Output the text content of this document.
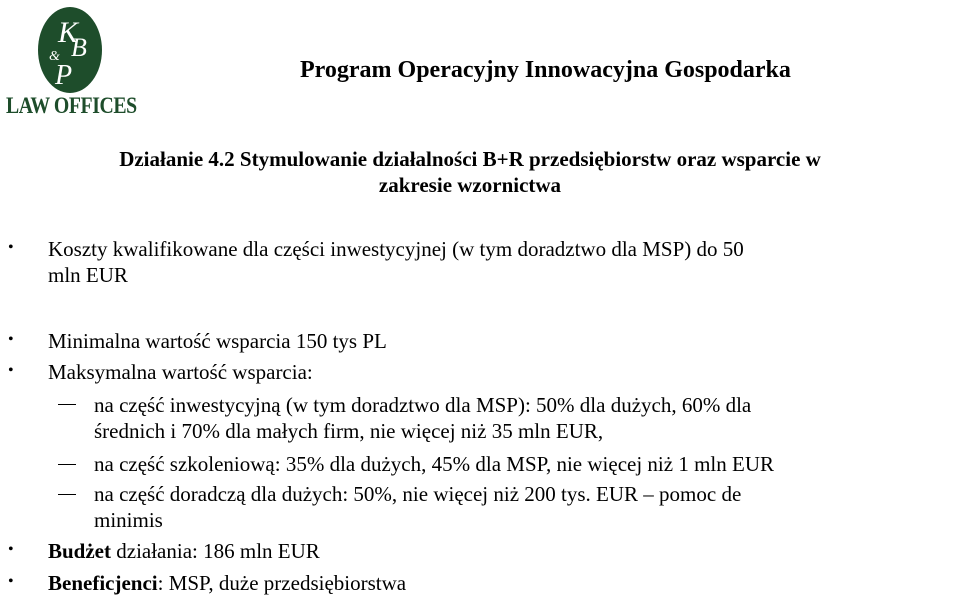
K
B
&
P
LAW OFFICES
Program Operacyjny Innowacyjna Gospodarka
Działanie 4.2 Stymulowanie działalności B+R przedsiębiorstw oraz wsparcie w
zakresie wzornictwa
• Koszty kwalifikowane dla części inwestycyjnej (w tym doradztwo dla MSP) do 50
mln EUR
• Minimalna wartość wsparcia 150 tys PL
• Maksymalna wartość wsparcia:
na część inwestycyjną (w tym doradztwo dla MSP): 50% dla dużych, 60% dla
średnich i 70% dla małych firm, nie więcej niż 35 mln EUR,
na część szkoleniową: 35% dla dużych, 45% dla MSP, nie więcej niż 1 mln EUR
na część doradczą dla dużych: 50%, nie więcej niż 200 tys. EUR – pomoc de
minimis
• Budżet działania: 186 mln EUR
• Beneficjenci: MSP, duże przedsiębiorstwa
